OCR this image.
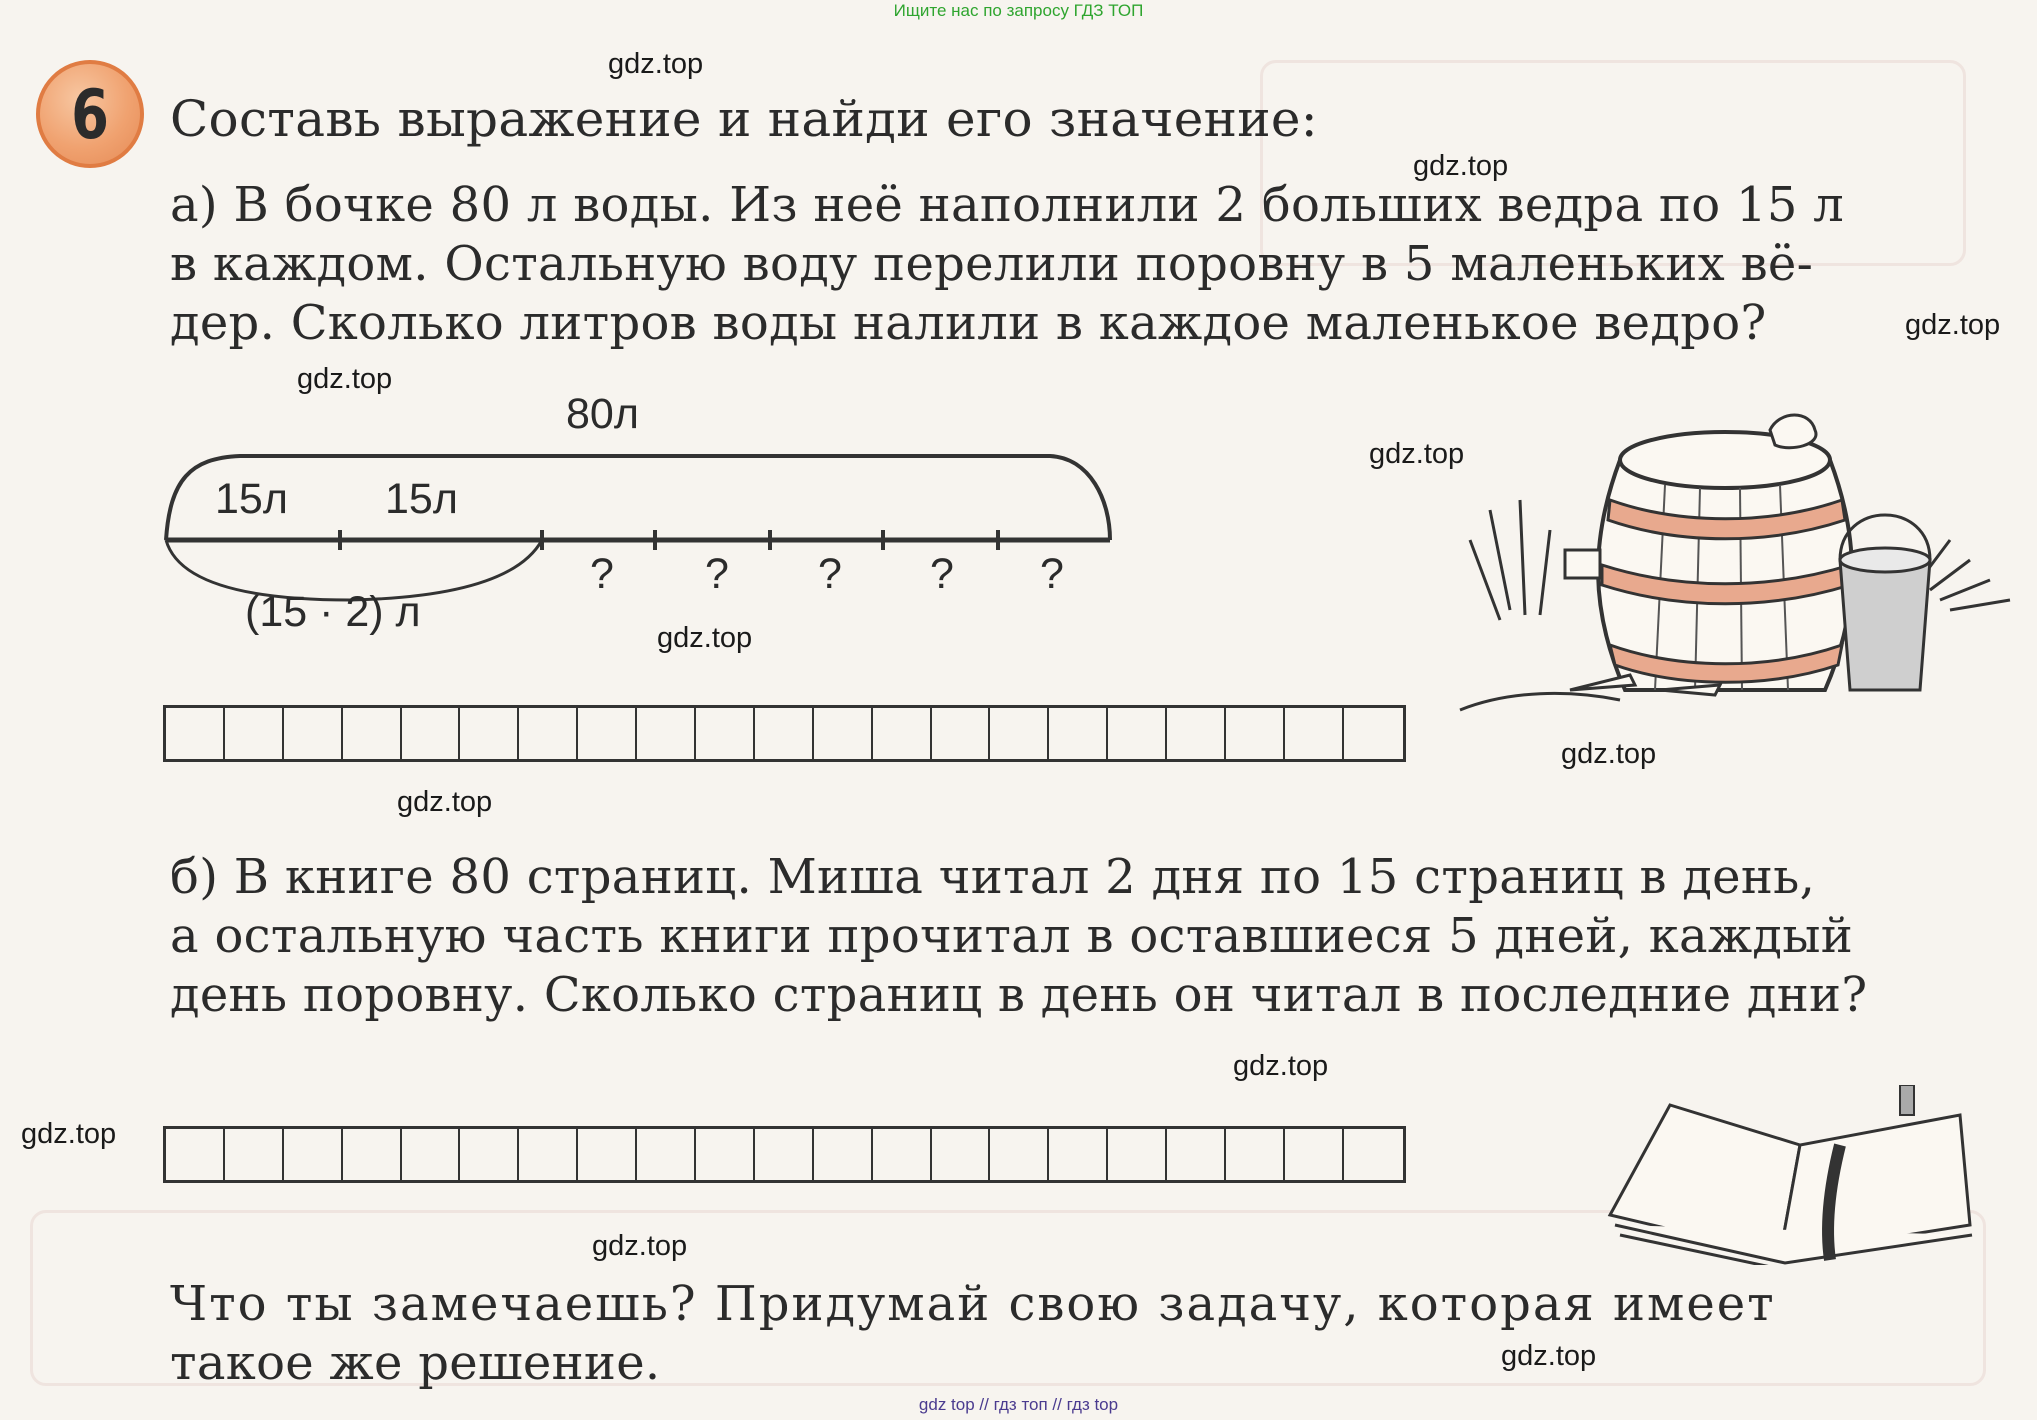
Ищите нас по запросу ГДЗ ТОП
gdz.top
gdz.top
gdz.top
gdz.top
gdz.top
gdz.top
gdz.top
gdz.top
gdz.top
gdz.top
gdz.top
gdz.top
6	Составь выражение и найди его значение:
а) В бочке 80 л воды. Из неё наполнили 2 больших ведра по 15 л
в каждом. Остальную воду перелили поровну в 5 маленьких вё-
дер. Сколько литров воды налили в каждое маленькое ведро?
80л
15л 15л
(15 · 2) л
? ? ? ? ?
б) В книге 80 страниц. Миша читал 2 дня по 15 страниц в день,
а остальную часть книги прочитал в оставшиеся 5 дней, каждый
день поровну. Сколько страниц в день он читал в последние дни?
Что ты замечаешь? Придумай свою задачу, которая имеет
такое же решение.
gdz top // гдз топ // гдз top
